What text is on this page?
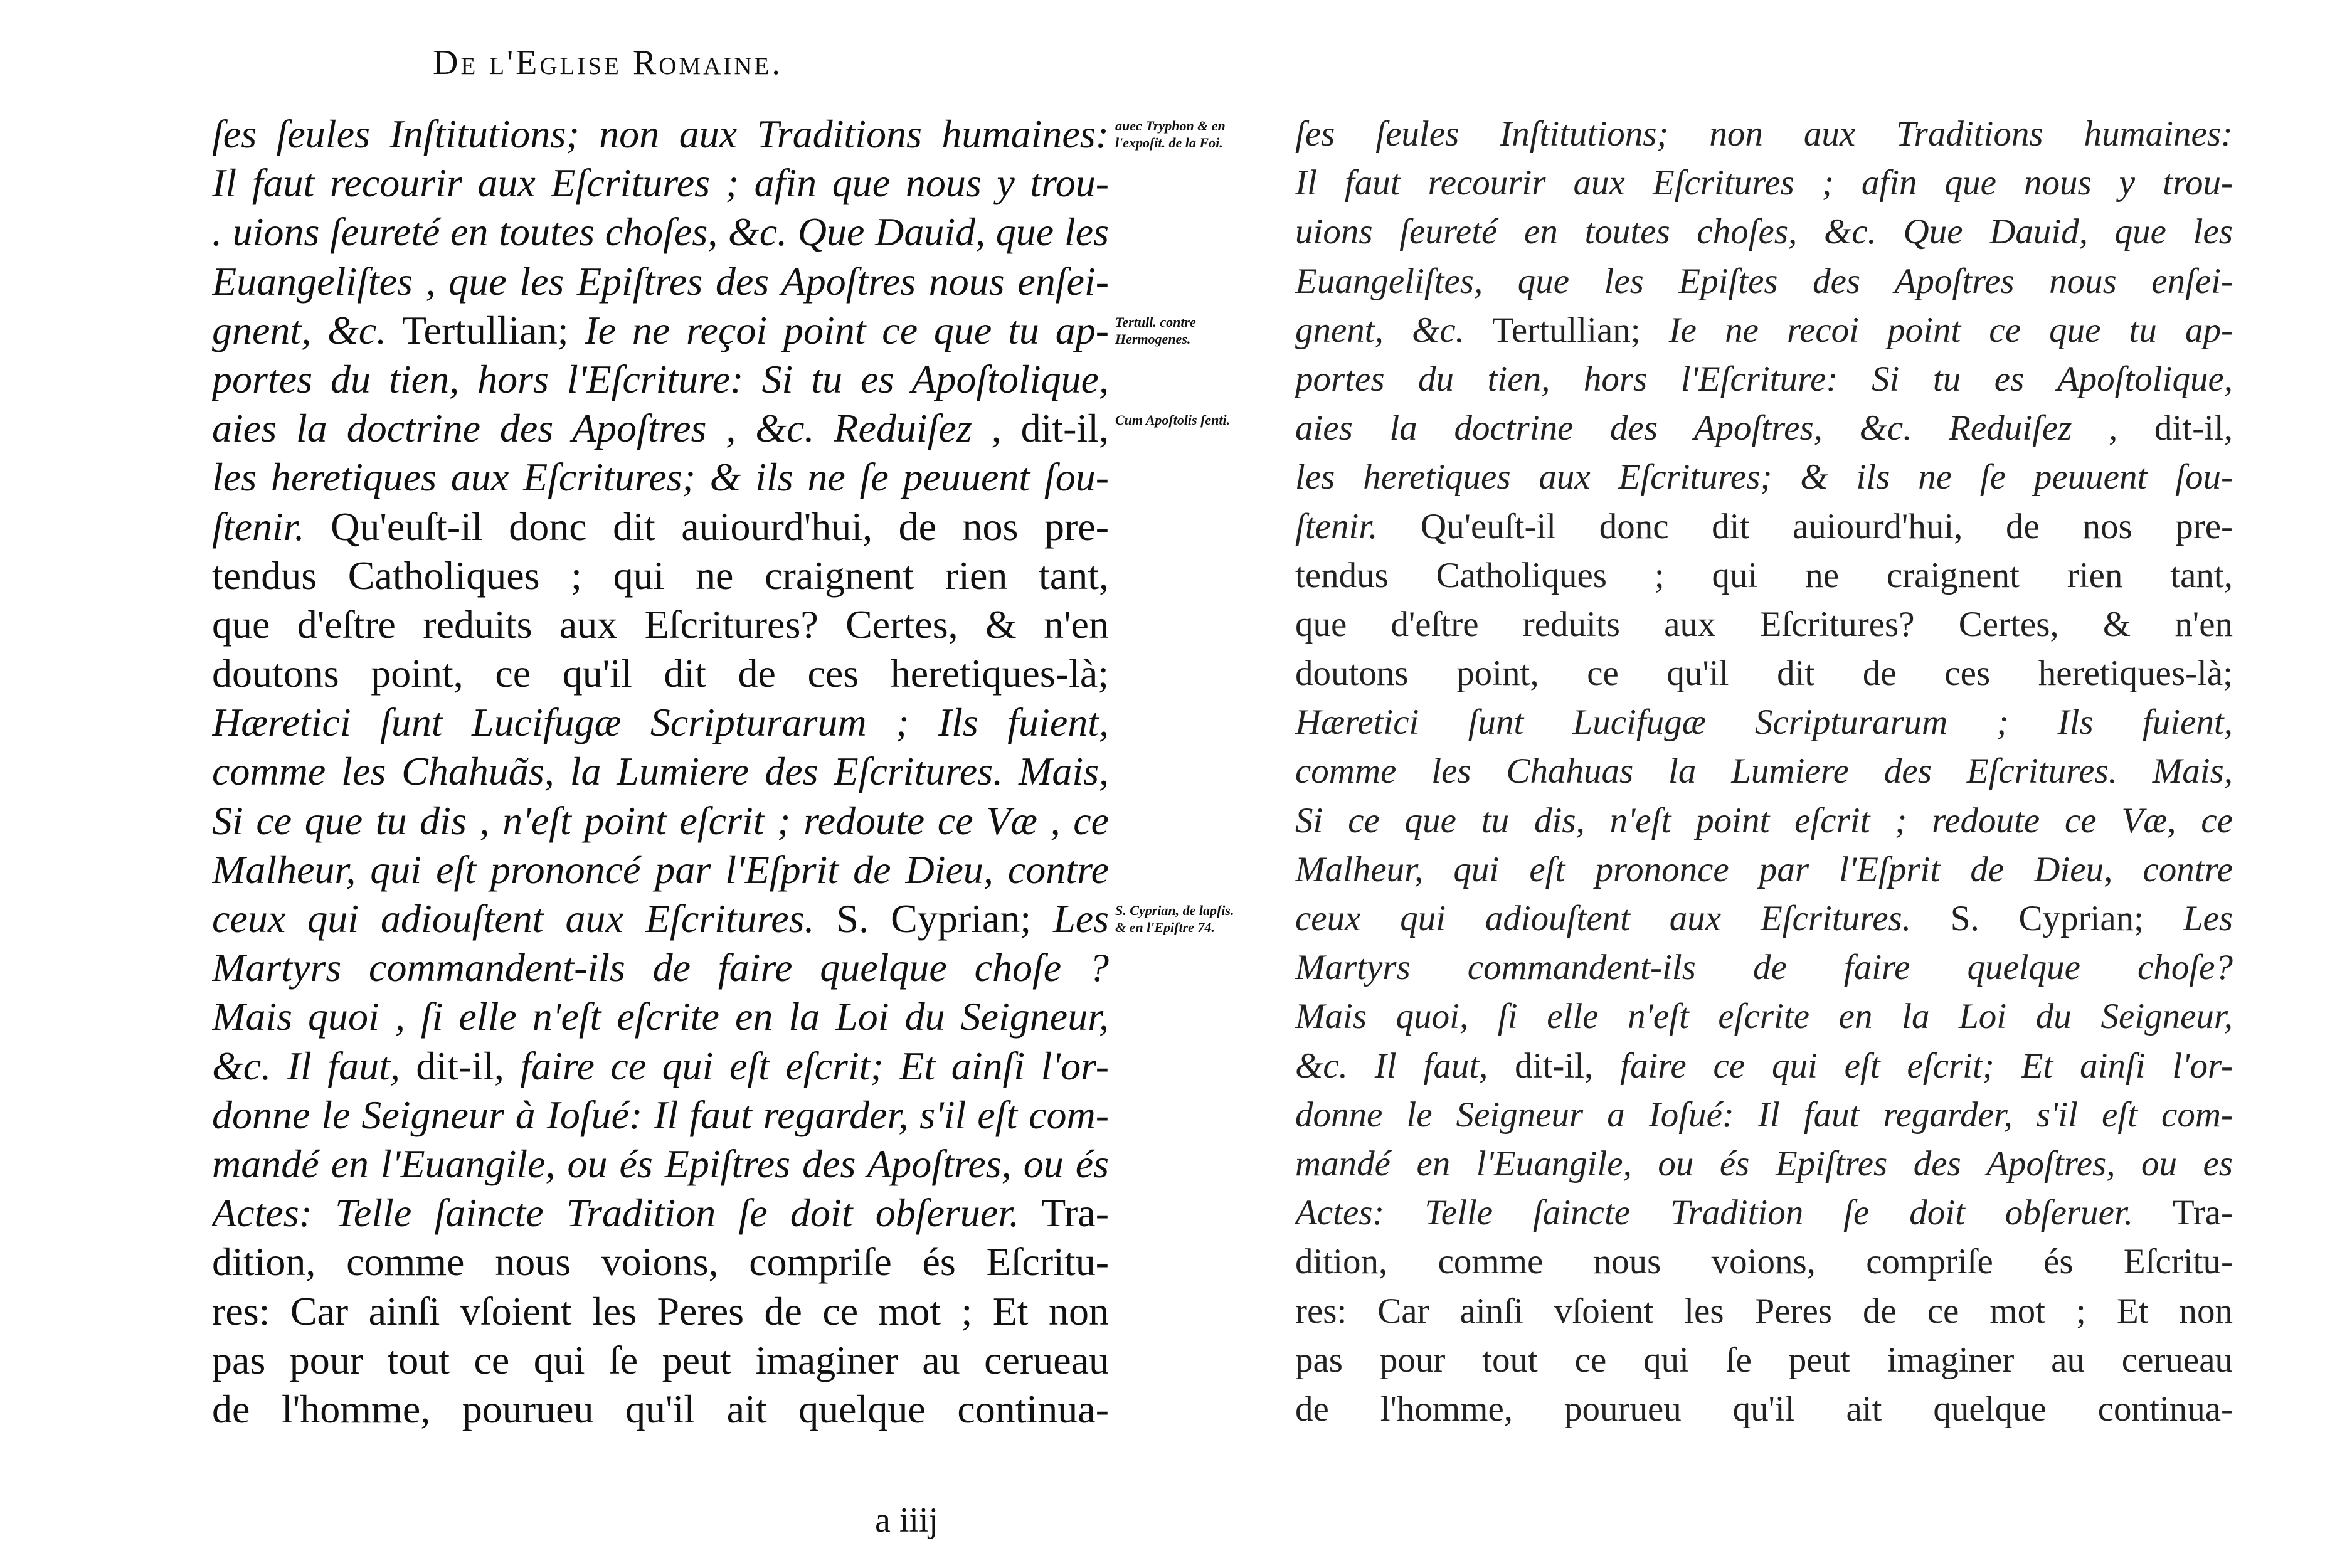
De l'Eglise Romaine.
ſes ſeules Inſtitutions; non aux Traditions humaines:
Il faut recourir aux Eſcritures ; afin que nous y trou-
. uions ſeureté en toutes choſes, &c. Que Dauid, que les
Euangeliſtes , que les Epiſtres des Apoſtres nous enſei-
gnent, &c. Tertullian; Ie ne reçoi point ce que tu ap-
portes du tien, hors l'Eſcriture: Si tu es Apoſtolique,
aies la doctrine des Apoſtres , &c. Reduiſez , dit-il,
les heretiques aux Eſcritures; & ils ne ſe peuuent ſou-
ſtenir. Qu'euſt-il donc dit auiourd'hui, de nos pre-
tendus Catholiques ; qui ne craignent rien tant,
que d'eſtre reduits aux Eſcritures? Certes, & n'en
doutons point, ce qu'il dit de ces heretiques-là;
Hæretici ſunt Lucifugæ Scripturarum ; Ils fuient,
comme les Chahuãs, la Lumiere des Eſcritures. Mais,
Si ce que tu dis , n'eſt point eſcrit ; redoute ce Væ , ce
Malheur, qui eſt prononcé par l'Eſprit de Dieu, contre
ceux qui adiouſtent aux Eſcritures. S. Cyprian; Les
Martyrs commandent-ils de faire quelque choſe ?
Mais quoi , ſi elle n'eſt eſcrite en la Loi du Seigneur,
&c. Il faut, dit-il, faire ce qui eſt eſcrit; Et ainſi l'or-
donne le Seigneur à Ioſué: Il faut regarder, s'il eſt com-
mandé en l'Euangile, ou és Epiſtres des Apoſtres, ou és
Actes: Telle ſaincte Tradition ſe doit obſeruer. Tra-
dition, comme nous voions, compriſe és Eſcritu-
res: Car ainſi vſoient les Peres de ce mot ; Et non
pas pour tout ce qui ſe peut imaginer au cerueau
de l'homme, pourueu qu'il ait quelque continua-
auec Tryphon & en l'expoſit. de la Foi.
Tertull. contre Hermogenes.
Cum Apoſtolis ſenti.
S. Cyprian, de lapſis. & en l'Epiſtre 74.
a iiij
ſes ſeules Inſtitutions; non aux Traditions humaines:
Il faut recourir aux Eſcritures ; afin que nous y trou-
uions ſeureté en toutes choſes, &c. Que Dauid, que les
Euangeliſtes, que les Epiſtes des Apoſtres nous enſei-
gnent, &c. Tertullian; Ie ne recoi point ce que tu ap-
portes du tien, hors l'Eſcriture: Si tu es Apoſtolique,
aies la doctrine des Apoſtres, &c. Reduiſez , dit-il,
les heretiques aux Eſcritures; & ils ne ſe peuuent ſou-
ſtenir. Qu'euſt-il donc dit auiourd'hui, de nos pre-
tendus Catholiques ; qui ne craignent rien tant,
que d'eſtre reduits aux Eſcritures? Certes, & n'en
doutons point, ce qu'il dit de ces heretiques-là;
Hæretici ſunt Lucifugæ Scripturarum ; Ils fuient,
comme les Chahuas la Lumiere des Eſcritures. Mais,
Si ce que tu dis, n'eſt point eſcrit ; redoute ce Væ, ce
Malheur, qui eſt prononce par l'Eſprit de Dieu, contre
ceux qui adiouſtent aux Eſcritures. S. Cyprian; Les
Martyrs commandent-ils de faire quelque choſe?
Mais quoi, ſi elle n'eſt eſcrite en la Loi du Seigneur,
&c. Il faut, dit-il, faire ce qui eſt eſcrit; Et ainſi l'or-
donne le Seigneur a Ioſué: Il faut regarder, s'il eſt com-
mandé en l'Euangile, ou és Epiſtres des Apoſtres, ou es
Actes: Telle ſaincte Tradition ſe doit obſeruer. Tra-
dition, comme nous voions, compriſe és Eſcritu-
res: Car ainſi vſoient les Peres de ce mot ; Et non
pas pour tout ce qui ſe peut imaginer au cerueau
de l'homme, pourueu qu'il ait quelque continua-
